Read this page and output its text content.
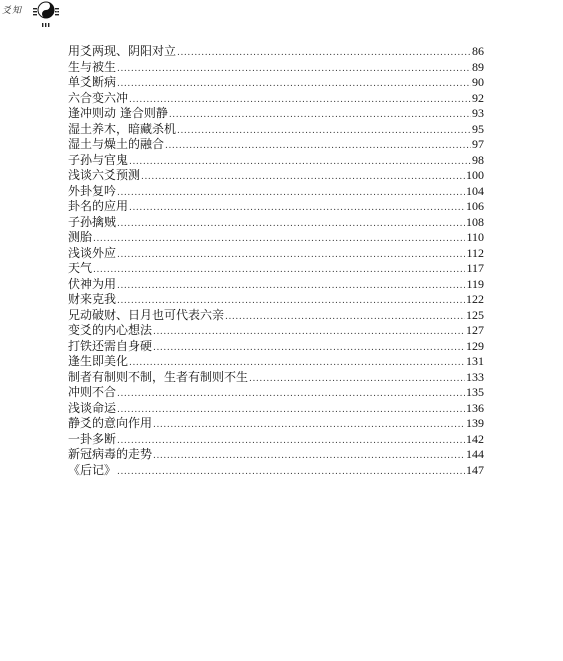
爻知
用爻两现、阴阳对立 .....	86
生与被生 .....	89
单爻断病 .....	90
六合变六冲 .....	92
逢冲则动 逢合则静 .....	93
湿土养木，暗藏杀机 .....	95
湿土与燥土的融合 .....	97
子孙与官鬼 .....	98
浅谈六爻预测 .....	100
外卦复吟 .....	104
卦名的应用 .....	106
子孙擒贼 .....	108
测胎 .....	110
浅谈外应 .....	112
天气 .....	117
伏神为用 .....	119
财来克我 .....	122
兄动破财、日月也可代表六亲 .....	125
变爻的内心想法 .....	127
打铁还需自身硬 .....	129
逢生即美化 .....	131
制者有制则不制，生者有制则不生 .....	133
冲则不合 .....	135
浅谈命运 .....	136
静爻的意向作用 .....	139
一卦多断 .....	142
新冠病毒的走势 .....	144
《后记》 .....	147
